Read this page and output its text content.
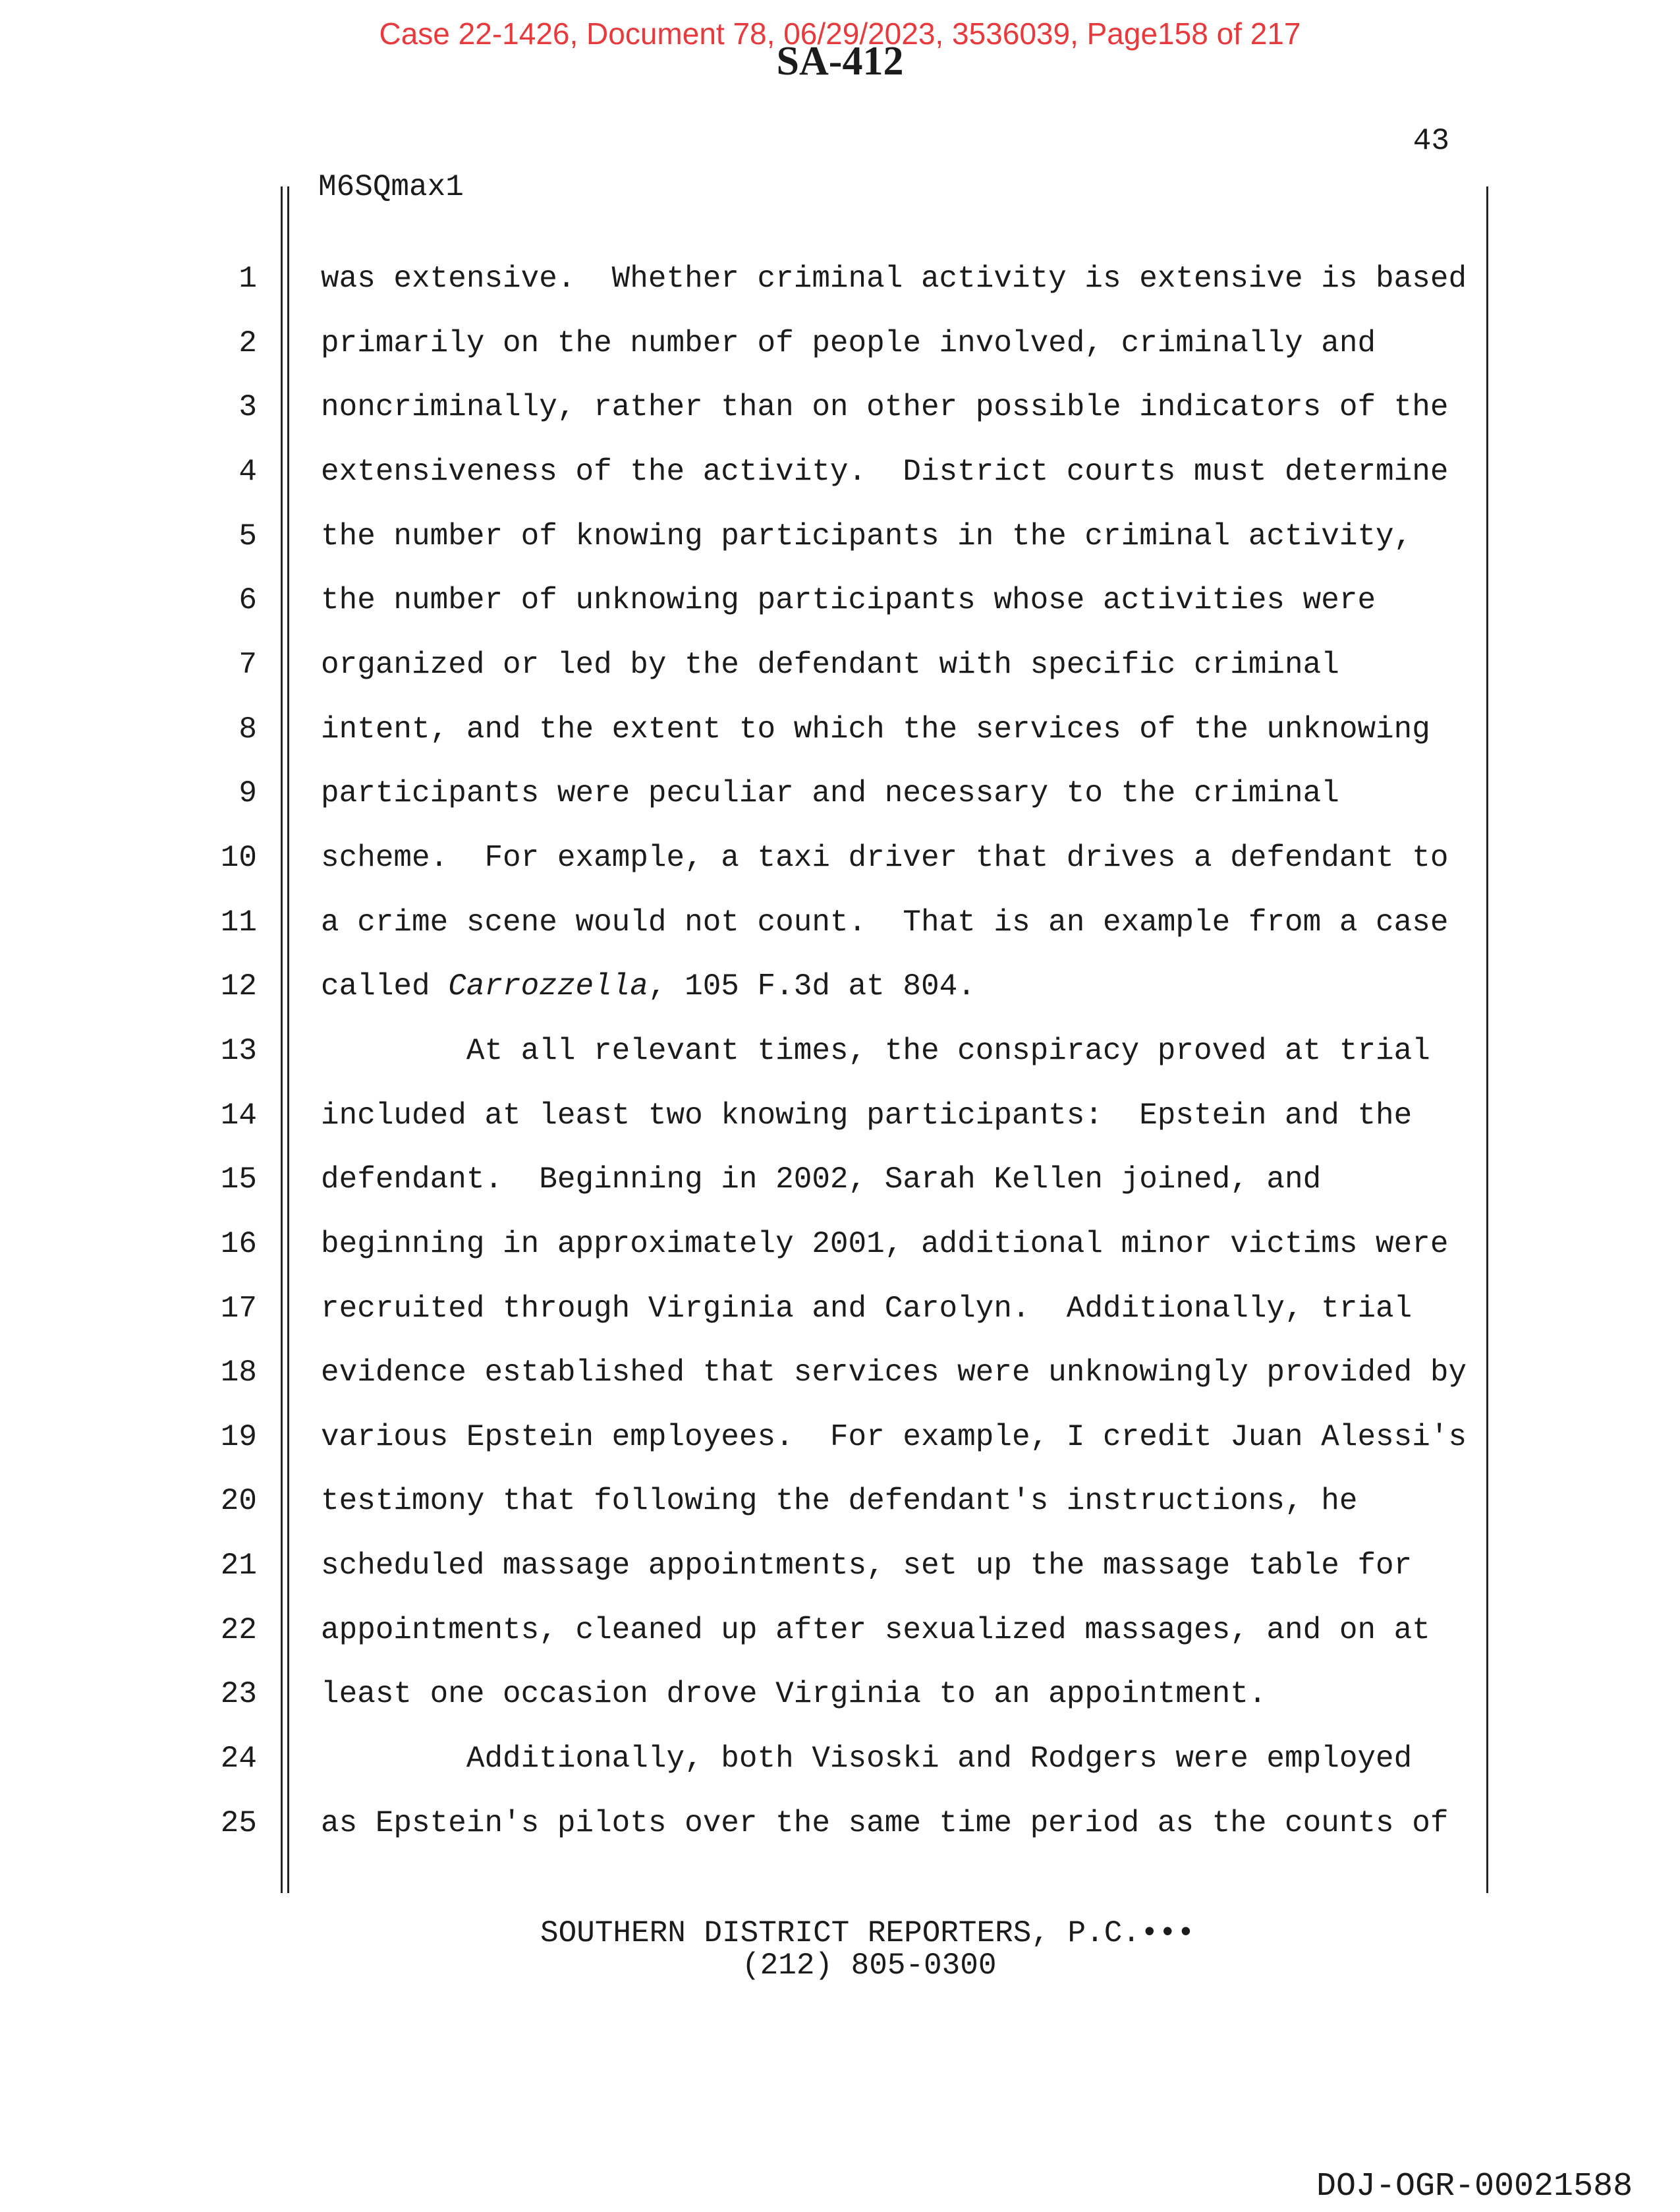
Case 22-1426, Document 78, 06/29/2023, 3536039, Page158 of 217
SA-412
43
M6SQmax1
1	was extensive.  Whether criminal activity is extensive is based
2	primarily on the number of people involved, criminally and
3	noncriminally, rather than on other possible indicators of the
4	extensiveness of the activity.  District courts must determine
5	the number of knowing participants in the criminal activity,
6	the number of unknowing participants whose activities were
7	organized or led by the defendant with specific criminal
8	intent, and the extent to which the services of the unknowing
9	participants were peculiar and necessary to the criminal
10	scheme.  For example, a taxi driver that drives a defendant to
11	a crime scene would not count.  That is an example from a case
12	called Carrozzella, 105 F.3d at 804.
13	At all relevant times, the conspiracy proved at trial
14	included at least two knowing participants:  Epstein and the
15	defendant.  Beginning in 2002, Sarah Kellen joined, and
16	beginning in approximately 2001, additional minor victims were
17	recruited through Virginia and Carolyn.  Additionally, trial
18	evidence established that services were unknowingly provided by
19	various Epstein employees.  For example, I credit Juan Alessi's
20	testimony that following the defendant's instructions, he
21	scheduled massage appointments, set up the massage table for
22	appointments, cleaned up after sexualized massages, and on at
23	least one occasion drove Virginia to an appointment.
24	Additionally, both Visoski and Rodgers were employed
25	as Epstein's pilots over the same time period as the counts of
SOUTHERN DISTRICT REPORTERS, P.C.•••
(212) 805-0300
DOJ-OGR-00021588
